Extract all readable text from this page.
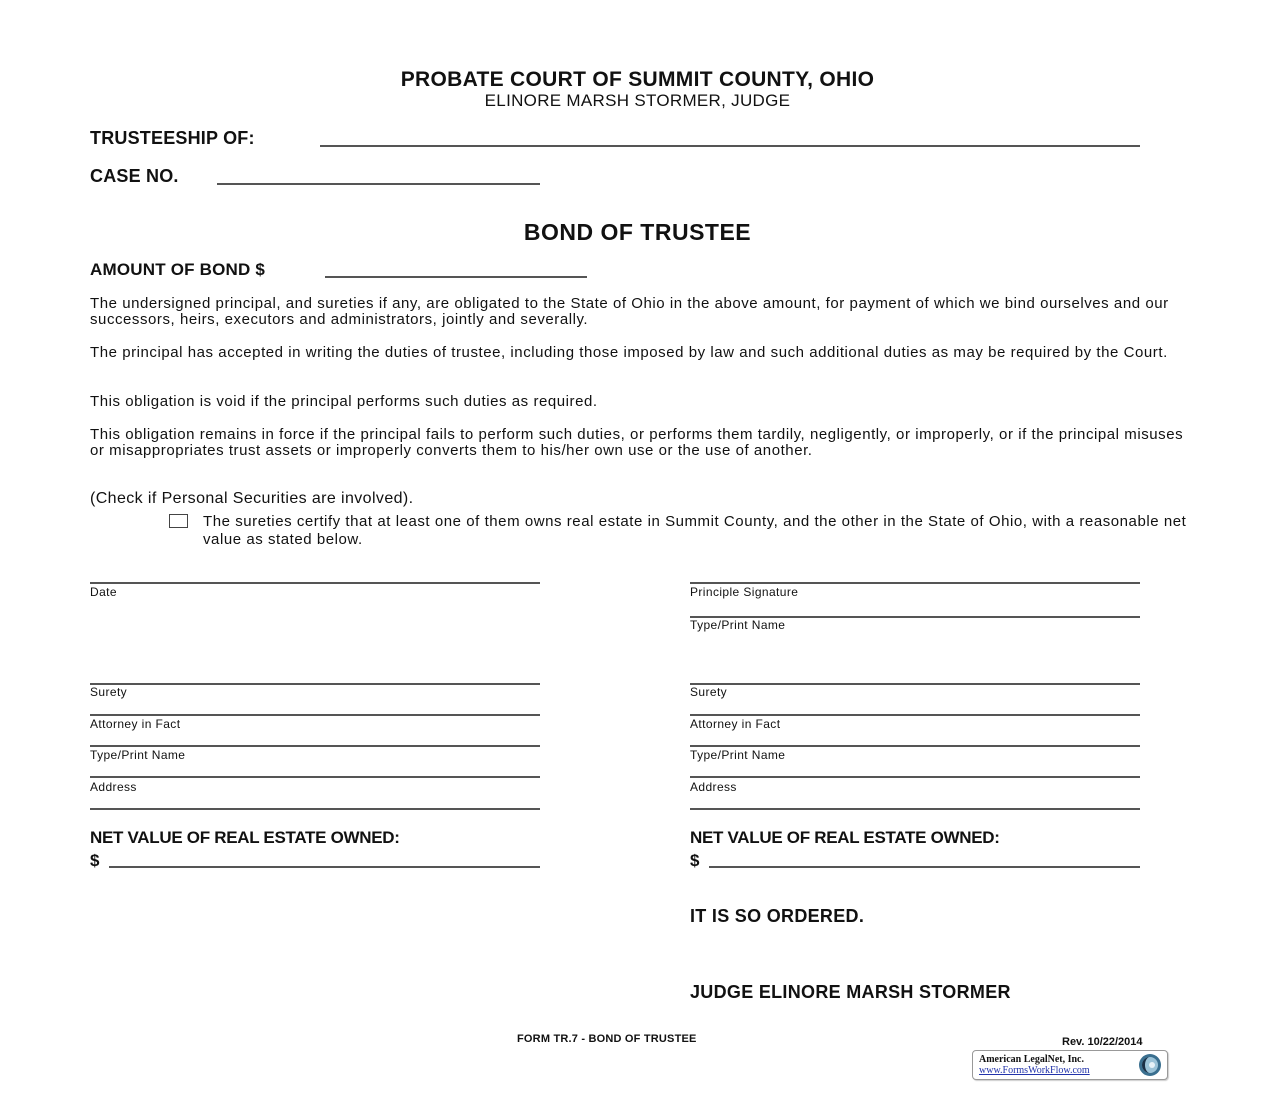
PROBATE COURT OF SUMMIT COUNTY, OHIO
ELINORE MARSH STORMER, JUDGE
TRUSTEESHIP OF:
CASE NO.
BOND OF TRUSTEE
AMOUNT OF BOND $
The undersigned principal, and sureties if any, are obligated to the State of Ohio in the above amount, for payment of which we bind ourselves and our successors, heirs, executors and administrators, jointly and severally.
The principal has accepted in writing the duties of trustee, including those imposed by law and such additional duties as may be required by the Court.
This obligation is void if the principal performs such duties as required.
This obligation remains in force if the principal fails to perform such duties, or performs them tardily, negligently, or improperly, or if the principal misuses or misappropriates trust assets or improperly converts them to his/her own use or the use of another.
(Check if Personal Securities are involved).
The sureties certify that at least one of them owns real estate in Summit County, and the other in the State of Ohio, with a reasonable net value as stated below.
Date
Surety
Attorney in Fact
Type/Print Name
Address
NET VALUE OF REAL ESTATE OWNED:
$
Principle Signature
Type/Print Name
Surety
Attorney in Fact
Type/Print Name
Address
NET VALUE OF REAL ESTATE OWNED:
$
IT IS SO ORDERED.
JUDGE ELINORE MARSH STORMER
FORM TR.7 - BOND OF TRUSTEE	Rev. 10/22/2014
American LegalNet, Inc.
www.FormsWorkFlow.com
